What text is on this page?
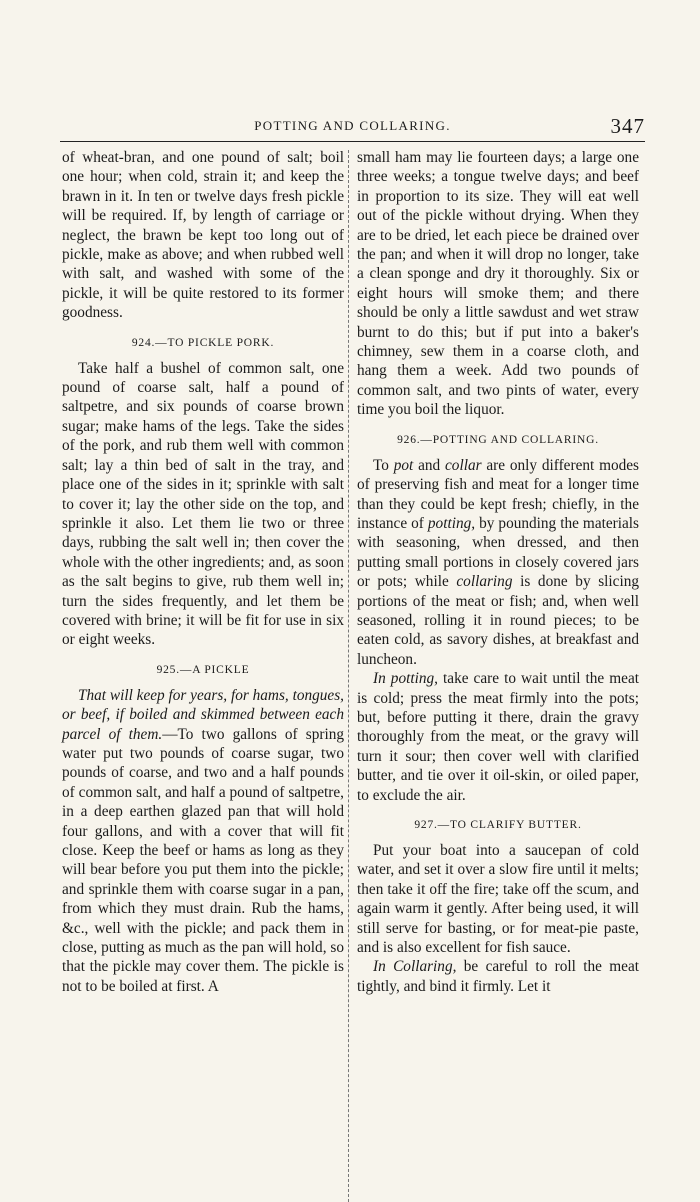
POTTING AND COLLARING.	347

of wheat-bran, and one pound of salt; boil one hour; when cold, strain it; and keep the brawn in it. In ten or twelve days fresh pickle will be required. If, by length of carriage or neglect, the brawn be kept too long out of pickle, make as above; and when rubbed well with salt, and washed with some of the pickle, it will be quite restored to its former goodness.

924.—TO PICKLE PORK.

Take half a bushel of common salt, one pound of coarse salt, half a pound of saltpetre, and six pounds of coarse brown sugar; make hams of the legs. Take the sides of the pork, and rub them well with common salt; lay a thin bed of salt in the tray, and place one of the sides in it; sprinkle with salt to cover it; lay the other side on the top, and sprinkle it also. Let them lie two or three days, rubbing the salt well in; then cover the whole with the other ingredients; and, as soon as the salt begins to give, rub them well in; turn the sides frequently, and let them be covered with brine; it will be fit for use in six or eight weeks.

925.—A PICKLE

That will keep for years, for hams, tongues, or beef, if boiled and skimmed between each parcel of them.—To two gallons of spring water put two pounds of coarse sugar, two pounds of coarse, and two and a half pounds of common salt, and half a pound of saltpetre, in a deep earthen glazed pan that will hold four gallons, and with a cover that will fit close. Keep the beef or hams as long as they will bear before you put them into the pickle; and sprinkle them with coarse sugar in a pan, from which they must drain. Rub the hams, &c., well with the pickle; and pack them in close, putting as much as the pan will hold, so that the pickle may cover them. The pickle is not to be boiled at first. A

small ham may lie fourteen days; a large one three weeks; a tongue twelve days; and beef in proportion to its size. They will eat well out of the pickle without drying. When they are to be dried, let each piece be drained over the pan; and when it will drop no longer, take a clean sponge and dry it thoroughly. Six or eight hours will smoke them; and there should be only a little sawdust and wet straw burnt to do this; but if put into a baker's chimney, sew them in a coarse cloth, and hang them a week. Add two pounds of common salt, and two pints of water, every time you boil the liquor.

926.—POTTING AND COLLARING.

To pot and collar are only different modes of preserving fish and meat for a longer time than they could be kept fresh; chiefly, in the instance of potting, by pounding the materials with seasoning, when dressed, and then putting small portions in closely covered jars or pots; while collaring is done by slicing portions of the meat or fish; and, when well seasoned, rolling it in round pieces; to be eaten cold, as savory dishes, at breakfast and luncheon.

In potting, take care to wait until the meat is cold; press the meat firmly into the pots; but, before putting it there, drain the gravy thoroughly from the meat, or the gravy will turn it sour; then cover well with clarified butter, and tie over it oil-skin, or oiled paper, to exclude the air.

927.—TO CLARIFY BUTTER.

Put your boat into a saucepan of cold water, and set it over a slow fire until it melts; then take it off the fire; take off the scum, and again warm it gently. After being used, it will still serve for basting, or for meat-pie paste, and is also excellent for fish sauce.

In Collaring, be careful to roll the meat tightly, and bind it firmly. Let it
